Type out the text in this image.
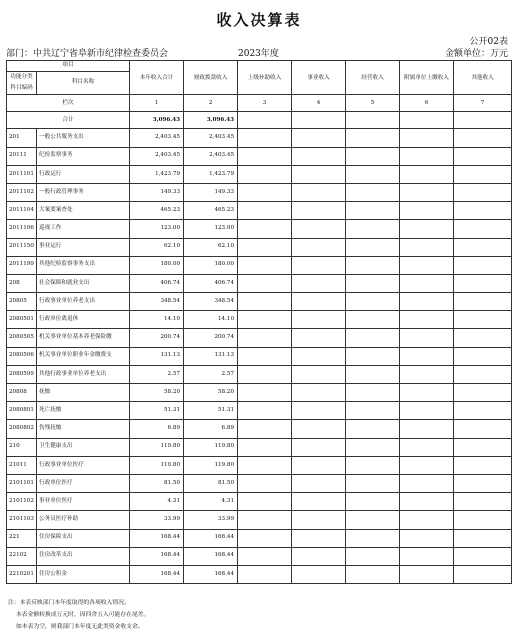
收入决算表
公开02表
部门：中共辽宁省阜新市纪律检查委员会	2023年度	金额单位：万元
项目		本年收入合计	财政拨款收入	上级补助收入	事业收入	经营收入	附属单位上缴收入	其他收入
功能分类科目编码	科目名称							

栏次		1	2	3	4	5	6	7
合计		3,096.43	3,096.43					
201	一般公共服务支出	2,403.45	2,403.45					
20111	纪检监察事务	2,403.45	2,403.45					
2011101	行政运行	1,423.79	1,423.79					
2011102	一般行政管理事务	149.33	149.33					
2011104	大案要案查处	465.23	465.23					
2011106	巡视工作	123.00	123.00					
2011150	事业运行	62.10	62.10					
2011199	其他纪检监察事务支出	180.00	180.00					
208	社会保障和就业支出	406.74	406.74					
20805	行政事业单位养老支出	348.54	348.54					
2080501	行政单位离退休	14.10	14.10					
2080505	机关事业单位基本养老保险缴	200.74	200.74					
2080506	机关事业单位职业年金缴费支	131.13	131.13					
2080599	其他行政事业单位养老支出	2.57	2.57					
20808	抚恤	58.20	58.20					
2080801	死亡抚恤	51.31	51.31					
2080802	伤残抚恤	6.89	6.89					
210	卫生健康支出	119.80	119.80					
21011	行政事业单位医疗	119.80	119.80					
2101101	行政单位医疗	81.50	81.50					
2101102	事业单位医疗	4.31	4.31					
2101103	公务员医疗补助	33.99	33.99					
221	住房保障支出	168.44	168.44					
22102	住房改革支出	168.44	168.44					
2210201	住房公积金	168.44	168.44					
注：本表反映部门本年度取得的各项收入情况。
本表金额转换成万元时，因四舍五入可能存在尾差。
如本表为空，则我部门本年度无此类资金收支余。
